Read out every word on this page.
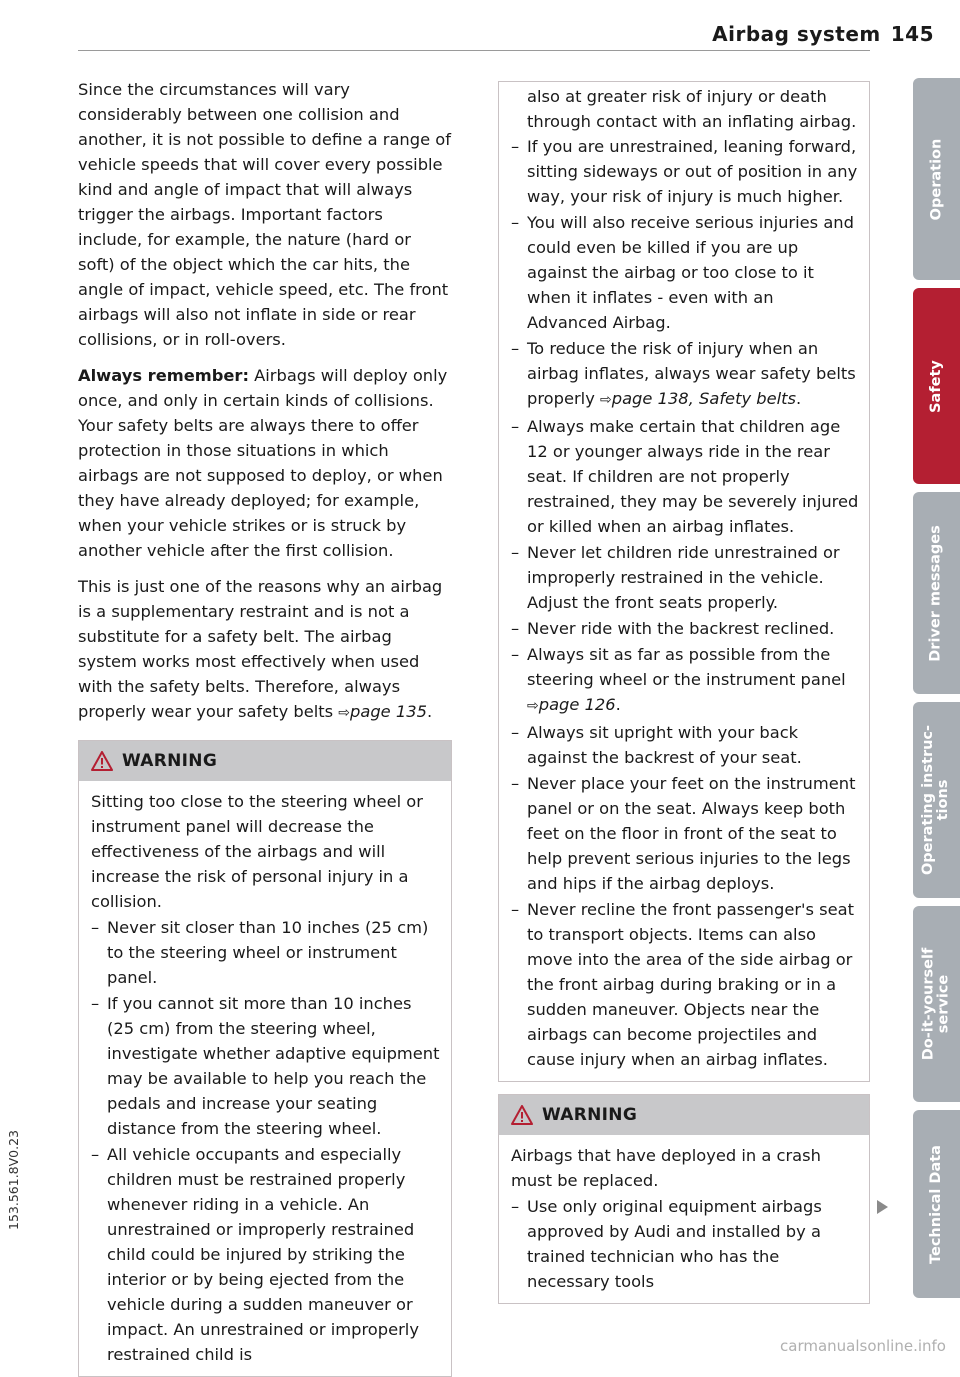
Airbag system 145

Since the circumstances will vary considerably between one collision and another, it is not possible to define a range of vehicle speeds that will cover every possible kind and angle of impact that will always trigger the airbags. Important factors include, for example, the nature (hard or soft) of the object which the car hits, the angle of impact, vehicle speed, etc. The front airbags will also not inflate in side or rear collisions, or in roll-overs.

Always remember: Airbags will deploy only once, and only in certain kinds of collisions. Your safety belts are always there to offer protection in those situations in which airbags are not supposed to deploy, or when they have already deployed; for example, when your vehicle strikes or is struck by another vehicle after the first collision.

This is just one of the reasons why an airbag is a supplementary restraint and is not a substitute for a safety belt. The airbag system works most effectively when used with the safety belts. Therefore, always properly wear your safety belts ⇨page 135.

WARNING

Sitting too close to the steering wheel or instrument panel will decrease the effectiveness of the airbags and will increase the risk of personal injury in a collision.

– Never sit closer than 10 inches (25 cm) to the steering wheel or instrument panel.
– If you cannot sit more than 10 inches (25 cm) from the steering wheel, investigate whether adaptive equipment may be available to help you reach the pedals and increase your seating distance from the steering wheel.
– All vehicle occupants and especially children must be restrained properly whenever riding in a vehicle. An unrestrained or improperly restrained child could be injured by striking the interior or by being ejected from the vehicle during a sudden maneuver or impact. An unrestrained or improperly restrained child is
also at greater risk of injury or death through contact with an inflating airbag.
– If you are unrestrained, leaning forward, sitting sideways or out of position in any way, your risk of injury is much higher.
– You will also receive serious injuries and could even be killed if you are up against the airbag or too close to it when it inflates - even with an Advanced Airbag.
– To reduce the risk of injury when an airbag inflates, always wear safety belts properly ⇨page 138, Safety belts.
– Always make certain that children age 12 or younger always ride in the rear seat. If children are not properly restrained, they may be severely injured or killed when an airbag inflates.
– Never let children ride unrestrained or improperly restrained in the vehicle. Adjust the front seats properly.
– Never ride with the backrest reclined.
– Always sit as far as possible from the steering wheel or the instrument panel ⇨page 126.
– Always sit upright with your back against the backrest of your seat.
– Never place your feet on the instrument panel or on the seat. Always keep both feet on the floor in front of the seat to help prevent serious injuries to the legs and hips if the airbag deploys.
– Never recline the front passenger's seat to transport objects. Items can also move into the area of the side airbag or the front airbag during braking or in a sudden maneuver. Objects near the airbags can become projectiles and cause injury when an airbag inflates.
WARNING

Airbags that have deployed in a crash must be replaced.

– Use only original equipment airbags approved by Audi and installed by a trained technician who has the necessary tools
Operation
Safety
Driver messages
Operating instruc-
tions
Do-it-yourself
service
Technical Data
153.561.8V0.23
carmanualsonline.info
